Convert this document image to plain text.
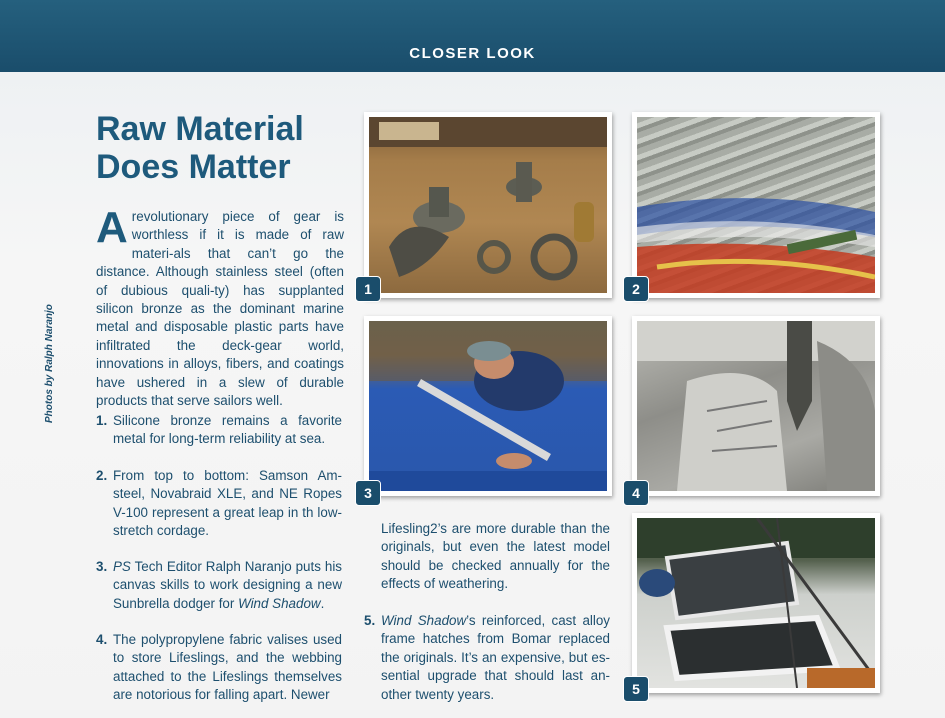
CLOSER LOOK
Photos by Ralph Naranjo
Raw Material
Does Matter
Arevolutionary piece of gear is worthless if it is made of raw materi-als that can’t go the distance. Although stainless steel (often of dubious quali-ty) has supplanted silicon bronze as the dominant marine metal and disposable plastic parts have infiltrated the deck-gear world, innovations in alloys, fibers, and coatings have ushered in a slew of durable products that serve sailors well.
1. Silicone bronze remains a favorite metal for long-term reliability at sea.
2. From top to bottom: Samson Am-steel, Novabraid XLE, and NE Ropes V-100 represent a great leap in th low-stretch cordage.
3. PS Tech Editor Ralph Naranjo puts his canvas skills to work designing a new Sunbrella dodger for Wind Shadow.
4. The polypropylene fabric valises used to store Lifeslings, and the webbing attached to the Lifeslings themselves are notorious for falling apart. Newer
Lifesling2’s are more durable than the originals, but even the latest model should be checked annually for the effects of weathering.
5. Wind Shadow’s reinforced, cast alloy frame hatches from Bomar replaced the originals. It’s an expensive, but es-sential upgrade that should last an-other twenty years.
1	2
3	4
5
